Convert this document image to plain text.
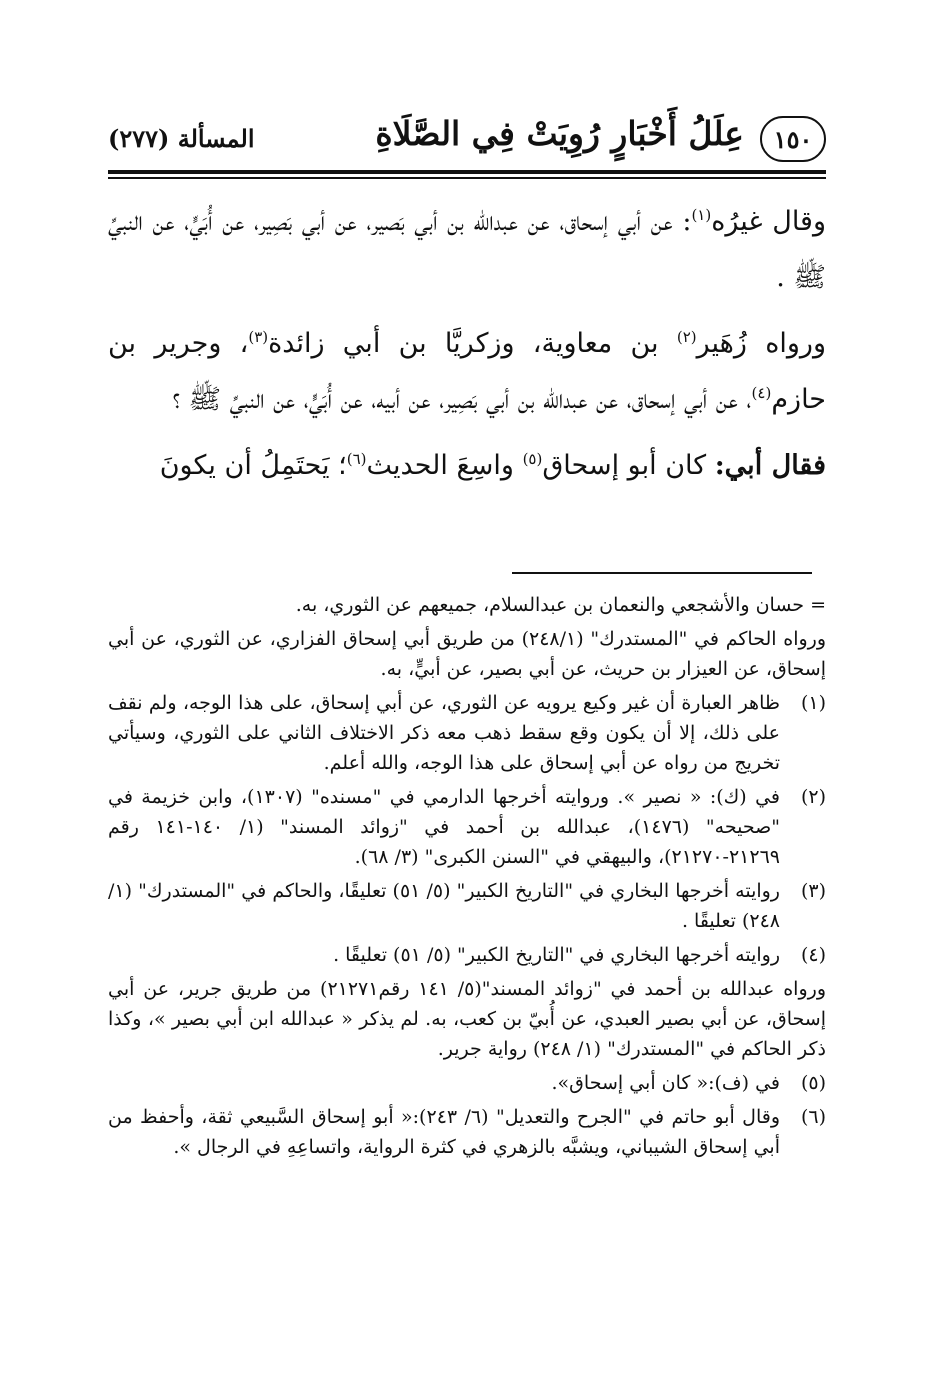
١٥٠
عِلَلُ أَخْبَارٍ رُوِيَتْ فِي الصَّلَاةِ
المسألة (٢٧٧)

وقال غيرُه$^{(١)}$: عن أبي إسحاق، عن عبدالله بن أبي بَصير، عن أبي بَصِير، عن أُبَيٍّ، عن النبيِّ ﷺ .

ورواه زُهَير$^{(٢)}$ بن معاوية، وزكريَّا بن أبي زائدة$^{(٣)}$، وجرير بن حازم$^{(٤)}$، عن أبي إسحاق، عن عبدالله بن أبي بَصِير، عن أبيه، عن أُبَيٍّ، عن النبيِّ ﷺ ؟

فقال أبي: كان أبو إسحاق$^{(٥)}$ واسِعَ الحديث$^{(٦)}$؛ يَحتَمِلُ أن يكونَ

= حسان والأشجعي والنعمان بن عبدالسلام، جميعهم عن الثوري، به.
ورواه الحاكم في "المستدرك" (٢٤٨/١) من طريق أبي إسحاق الفزاري، عن الثوري، عن أبي إسحاق، عن العيزار بن حريث، عن أبي بصير، عن أبيٍّ، به.
(١)
ظاهر العبارة أن غير وكيع يرويه عن الثوري، عن أبي إسحاق، على هذا الوجه، ولم نقف على ذلك، إلا أن يكون وقع سقط ذهب معه ذكر الاختلاف الثاني على الثوري، وسيأتي تخريج من رواه عن أبي إسحاق على هذا الوجه، والله أعلم.
(٢)
في (ك): « نصير ». وروايته أخرجها الدارمي في "مسنده" (١٣٠٧)، وابن خزيمة في "صحيحه" (١٤٧٦)، عبدالله بن أحمد في "زوائد المسند" (١/ ١٤٠-١٤١ رقم ٢١٢٦٩-٢١٢٧٠)، والبيهقي في "السنن الكبرى" (٣/ ٦٨).
(٣)
روايته أخرجها البخاري في "التاريخ الكبير" (٥/ ٥١) تعليقًا، والحاكم في "المستدرك" (١/ ٢٤٨) تعليقًا .
(٤)
روايته أخرجها البخاري في "التاريخ الكبير" (٥/ ٥١) تعليقًا .
ورواه عبدالله بن أحمد في "زوائد المسند"(٥/ ١٤١ رقم٢١٢٧١) من طريق جرير، عن أبي إسحاق، عن أبي بصير العبدي، عن أُبيّ بن كعب، به. لم يذكر « عبدالله ابن أبي بصير »، وكذا ذكر الحاكم في "المستدرك" (١/ ٢٤٨) رواية جرير.
(٥)
في (ف):« كان أبي إسحاق».
(٦)
وقال أبو حاتم في "الجرح والتعديل" (٦/ ٢٤٣):« أبو إسحاق السَّبيعي ثقة، وأحفظ من أبي إسحاق الشيباني، ويشبَّه بالزهري في كثرة الرواية، واتساعِهِ في الرجال ».
